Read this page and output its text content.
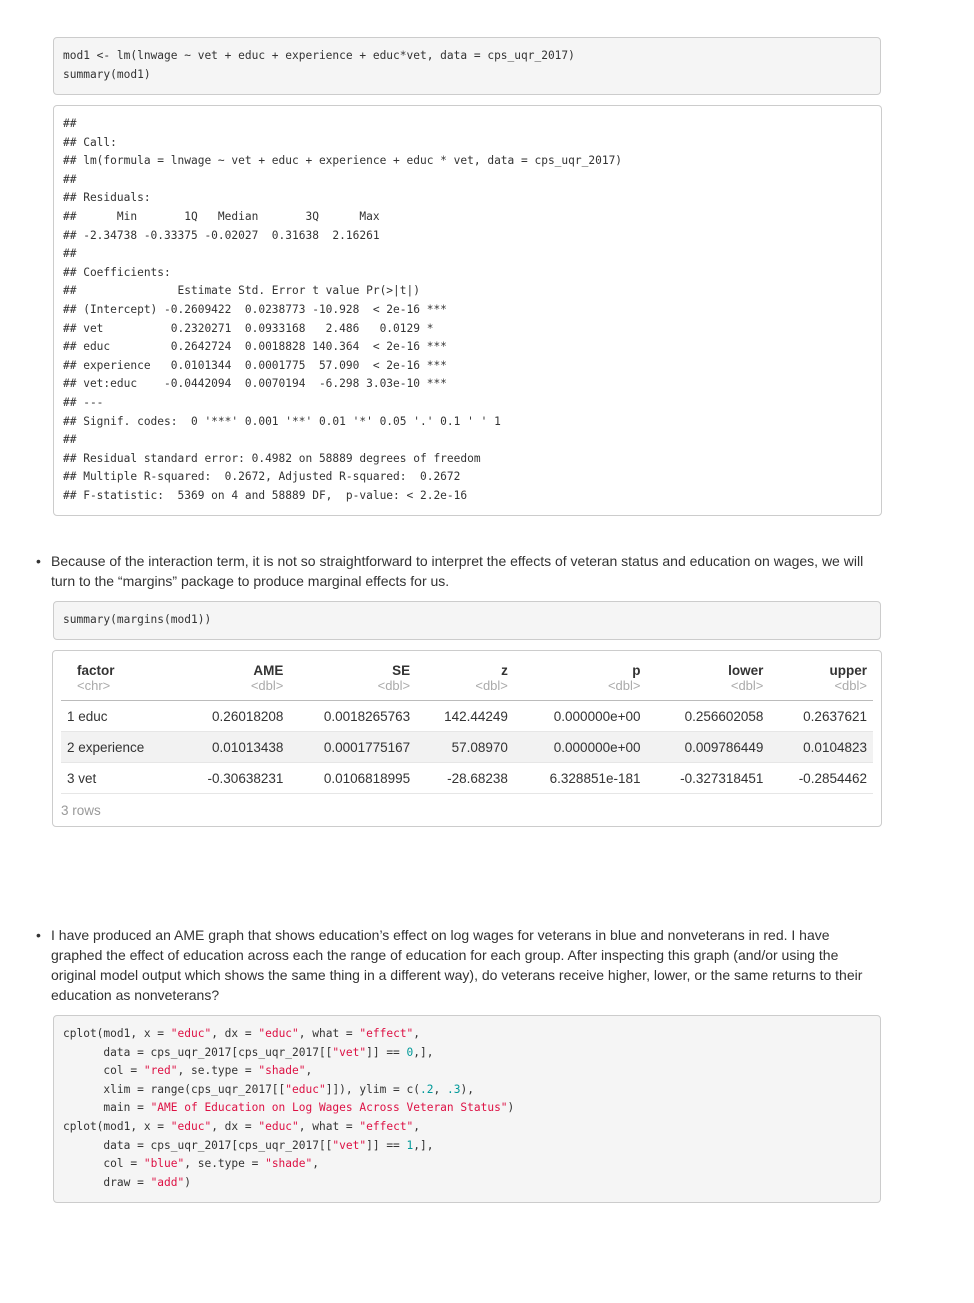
mod1 <- lm(lnwage ~ vet + educ + experience + educ*vet, data = cps_uqr_2017)
summary(mod1)
##
## Call:
## lm(formula = lnwage ~ vet + educ + experience + educ * vet, data = cps_uqr_2017)
##
## Residuals:
##      Min       1Q   Median       3Q      Max
## -2.34738 -0.33375 -0.02027  0.31638  2.16261
##
## Coefficients:
##               Estimate Std. Error t value Pr(>|t|)
## (Intercept) -0.2609422  0.0238773 -10.928  < 2e-16 ***
## vet          0.2320271  0.0933168   2.486   0.0129 *
## educ         0.2642724  0.0018828 140.364  < 2e-16 ***
## experience   0.0101344  0.0001775  57.090  < 2e-16 ***
## vet:educ    -0.0442094  0.0070194  -6.298 3.03e-10 ***
## ---
## Signif. codes:  0 '***' 0.001 '**' 0.01 '*' 0.05 '.' 0.1 ' ' 1
##
## Residual standard error: 0.4982 on 58889 degrees of freedom
## Multiple R-squared:  0.2672, Adjusted R-squared:  0.2672
## F-statistic:  5369 on 4 and 58889 DF,  p-value: < 2.2e-16
• Because of the interaction term, it is not so straightforward to interpret the effects of veteran status and education on wages, we will turn to the “margins” package to produce marginal effects for us.
summary(margins(mod1))
factor	AME	SE	z	p	lower	upper
<chr>	<dbl>	<dbl>	<dbl>	<dbl>	<dbl>	<dbl>
1 educ	0.26018208	0.0018265763	142.44249	0.000000e+00	0.256602058	0.2637621
2 experience	0.01013438	0.0001775167	57.08970	0.000000e+00	0.009786449	0.0104823
3 vet	-0.30638231	0.0106818995	-28.68238	6.328851e-181	-0.327318451	-0.2854462
3 rows
• I have produced an AME graph that shows education’s effect on log wages for veterans in blue and nonveterans in red. I have graphed the effect of education across each the range of education for each group. After inspecting this graph (and/or using the original model output which shows the same thing in a different way), do veterans receive higher, lower, or the same returns to their education as nonveterans?
cplot(mod1, x = "educ", dx = "educ", what = "effect",
data = cps_uqr_2017[cps_uqr_2017[["vet"]] == 0,],
col = "red", se.type = "shade",
xlim = range(cps_uqr_2017[["educ"]]), ylim = c(.2, .3),
main = "AME of Education on Log Wages Across Veteran Status")
cplot(mod1, x = "educ", dx = "educ", what = "effect",
data = cps_uqr_2017[cps_uqr_2017[["vet"]] == 1,],
col = "blue", se.type = "shade",
draw = "add")
